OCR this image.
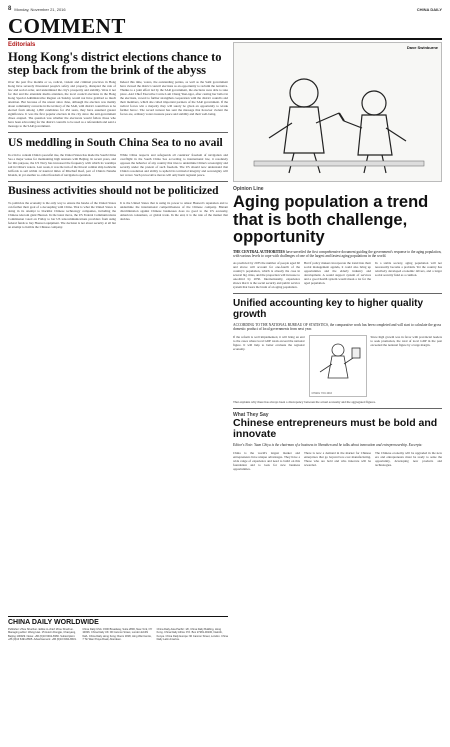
8 Monday, November 21, 2016	CHINA DAILY
COMMENT
Editorials
Hong Kong's district elections chance to step back from the brink of the abyss
Over the past five months or so, radical, violent and criminal practices in Hong Kong have severely threatened people's safety and property, disrupted the rule of law and social order, and undermined the city's prosperity and stability. Were it not for that and the attendant media attention, the local council elections in the Hong Kong Special Administrative Region on Sunday would not have grabbed so much attention. But because of the unrest since June, although the election was mainly about community concerns in the territory of the SAR, with district councillors to be elected from among 1,090 candidates for 452 seats, they have assumed greater significance. It was the first popular election in the city since the anti-government chaos erupted. The question was whether the electorate would follow those who have been advocating for the district councils to be used as a referendum and send a message to the SAR government.
Indeed this time, voters, the outstanding parties, as well as the SAR government have viewed the district council elections as an opportunity to reclaim the narrative. Thanks to a joint effort led by the SAR government, the elections were able to take place. And Chief Executive Carrie Lam Cheng Yuet-ngor, after casting her ballot in the elections, vowed to further strengthen cooperation with the district councils and their members, which she called important partners of the SAR government. If the radical forces win a majority they will surely be given an opportunity to wreak further havoc. The record turnout has sent the message that however violent the forces are, ordinary voters treasure peace and stability and their well-being.
US meddling in South China Sea to no avail
In a bid to contain China's peaceful rise, the United States has made the South China Sea a major venue for maintaining high tensions with Beijing. In recent years, and for this purpose, the US Navy has increased the frequency with which its warships sail in China's waters. Last week, it was the turn of the littoral combat ship Gabrielle Giffords to sail within 12 nautical miles of Mischief Reef, part of China's Nansha Islands, in yet another so-called freedom of navigation operation.
While China respects and safeguards all countries' freedom of navigation and overflight in the South China Sea according to international law, it resolutely opposes the behavior of any country that tries to undermine China's sovereignty and security under the pretext of such freedom. The US should now understand that China's resolution and ability to uphold its territorial integrity and sovereignty will not waver. Such provocative moves will only harm regional peace.
Business activities should not be politicized
To politicize the economy is the only way to ensure the hawks of the United States can further their goal of a decoupling with China. That is what the United States is doing in its attempt to blacklist Chinese technology companies, including the Chinese telecom giant Huawei. In the latest move, the US Federal Communications Commission voted on Friday to bar US telecommunications providers from using federal funds to buy Huawei equipment. The decision is not about security at all but an attempt to hobble the Chinese company.
It is the United States that is using its power to smear Huawei's reputation and to undermine the international competitiveness of the Chinese company. Blatant discrimination against Chinese businesses does no good to the US economy, American consumers, or global trade. In the end, it is the rule of the market that decides.
CHINA DAILY WORLDWIDE
Publisher: Zhou Shuchun. Editor-in-chief: Zhou Shuchun. Managing editor: Wang Hao. 15 Huixin Dongjie, Chaoyang, Beijing 100029. News: +86 (0)10 6491-8366. Subscription: +86 (0)10 6491-8665. Advertisement: +86 (0)10 6491-8631.
China Daily USA: 1500 Broadway, Suite 2800, New York, NY 10036. China Daily UK: 90 Cannon Street, London EC4N 6HA. China Daily Hong Kong: Room 1818, Hing Wai Centre, 7 Tin Wan Praya Road, Aberdeen.
China Daily Asia Pacific: 1/F, China Daily Building, Hong Kong. China Daily Africa: P.O. Box 27281-00100, Nairobi, Kenya. China Daily Europe: 90 Cannon Street, London. China Daily Latin America.
Dave Swinburne
Opinion Line
Aging population a trend that is both challenge, opportunity
THE CENTRAL AUTHORITIES have unveiled the first comprehensive document guiding the government's response to the aging population, with various levels to cope with challenges of one of the largest and fastest aging populations in the world.
As predicted by 2035 the number of people aged 60 and above will account for one-fourth of the country's population, which is already the case in several big cities, and the proportion will increase to one-third by 2050. Internationally, experience shows that it is the social security and public service system that bears the brunt of an aging population.
But if policy makers incorporate the trend into their social management agenda, it could also bring up opportunities and the elderly industry and development. A sound support system of services and a good health system would mean a lot for the aged population.
In a stable society, aging population will not necessarily become a problem. Yet the country has relatively developed economic drivers, and a larger social security fund as a cushion.
Unified accounting key to higher quality growth
ACCORDING TO THE NATIONAL BUREAU OF STATISTICS, the comparative work has been completed and will start to calculate the gross domestic product of local governments from next year.
If the reform is well implemented, it will bring an end to the cases where local GDP totals exceed the national figure. It will help to better evaluate the regional economy.
CHANG YOU 2016
Since high growth was in favor with provincial leaders to seek promotion, the total of local GDP in the past exceeded the national figure by a large margin.
That explains why there has always been a discrepancy between the actual economy and the aggregated figures.
What They Say
Chinese entrepreneurs must be bold and innovate
Editor's Note: Yuan Chiyu is the chairman of a business in Shenzhen and he talks about innovation and entrepreneurship. Excerpts:
China is the world's largest market and entrepreneurs have unique advantages. They have a wide range of experience and need to build on this foundation and to look for new business opportunities.
There is now a demand in the market for Chinese enterprises that go beyond low-cost manufacturing. Those who are bold and who innovate will be rewarded.
The Chinese economy will be upgraded in the new era and entrepreneurs must be ready to seize the opportunity, developing new products and technologies.
